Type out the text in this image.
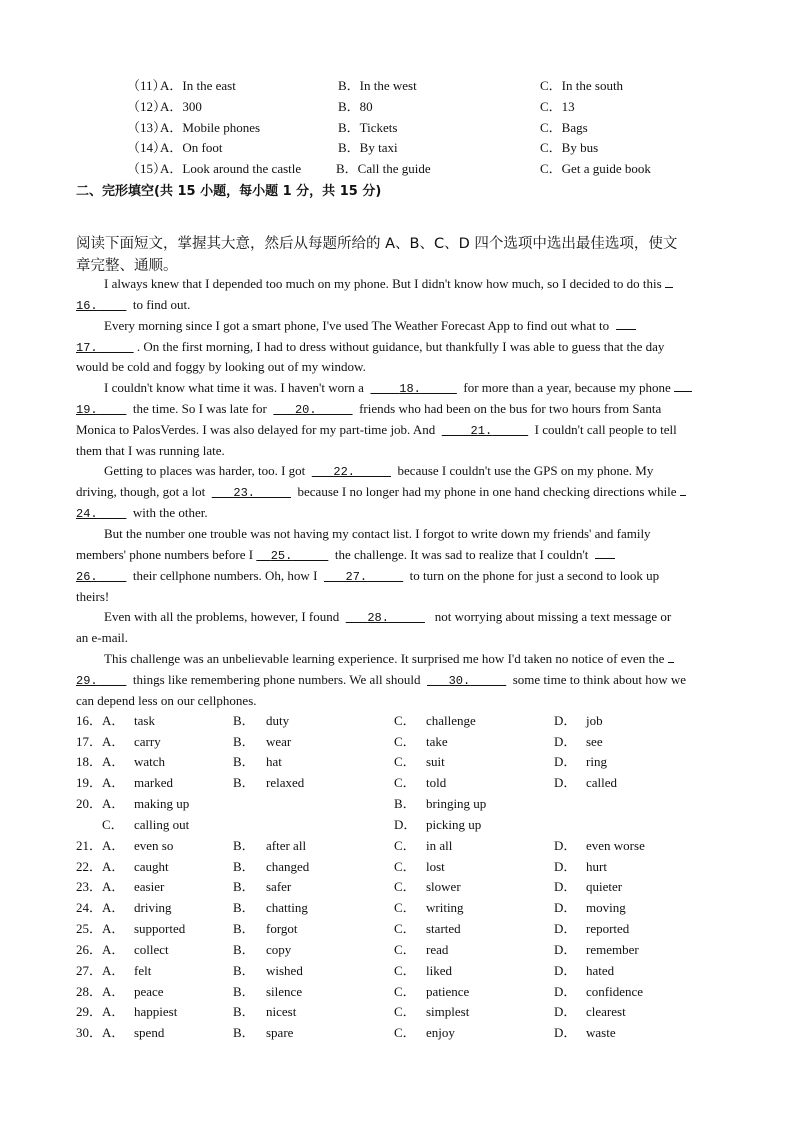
（11）
A．In the east	B．In the west	C．In the south
（12）
A．300	B．80	C．13
（13）
A．Mobile phones	B．Tickets	C．Bags
（14）
A．On foot	B．By taxi	C．By bus
（15）
A．Look around the castle	B．Call the guide	C．Get a guide book
二、完形填空(共 15 小题，每小题 1 分，共 15 分)
阅读下面短文，掌握其大意，然后从每题所给的 A、B、C、D 四个选项中选出最佳选项，使文
章完整、通顺。
I always knew that I depended too much on my phone. But I didn't know how much, so I decided to do this
16.	to find out.
Every morning since I got a smart phone, I've used The Weather Forecast App to find out what to
17.	. On the first morning, I had to dress without guidance, but thankfully I was able to guess that the day
would be cold and foggy by looking out of my window.
I couldn't know what time it was. I haven't worn a	18.	for more than a year, because my phone
19.	the time. So I was late for 20.	friends who had been on the bus for two hours from Santa
Monica to PalosVerdes. I was also delayed for my part-time job. And	21.	I couldn't call people to tell
them that I was running late.
Getting to places was harder, too. I got 22.	because I couldn't use the GPS on my phone. My
driving, though, got a lot 23.	because I no longer had my phone in one hand checking directions while
24.	with the other.
But the number one trouble was not having my contact list. I forgot to write down my friends' and family
members' phone numbers before I 25.	the challenge. It was sad to realize that I couldn't
26.	their cellphone numbers. Oh, how I 27.	to turn on the phone for just a second to look up
theirs!
Even with all the problems, however, I found 28.	not worrying about missing a text message or
an e-mail.
This challenge was an unbelievable learning experience. It surprised me how I'd taken no notice of even the
29.	things like remembering phone numbers. We all should 30.	some time to think about how we
can depend less on our cellphones.
16．A． task	B． duty	C． challenge	D． job
17．A． carry	B． wear	C． take	D． see
18．A． watch	B． hat	C． suit	D． ring
19．A． marked	B． relaxed	C． told	D． called
20．A． making up	B． bringing up
C． calling out	D． picking up
21．A． even so	B． after all	C． in all	D． even worse
22．A． caught	B． changed	C． lost	D． hurt
23．A． easier	B． safer	C． slower	D． quieter
24．A． driving	B． chatting	C． writing	D． moving
25．A． supported	B． forgot	C． started	D． reported
26．A． collect	B． copy	C． read	D． remember
27．A． felt	B． wished	C． liked	D． hated
28．A． peace	B． silence	C． patience	D． confidence
29．A． happiest	B． nicest	C． simplest	D． clearest
30．A． spend	B． spare	C． enjoy	D． waste
